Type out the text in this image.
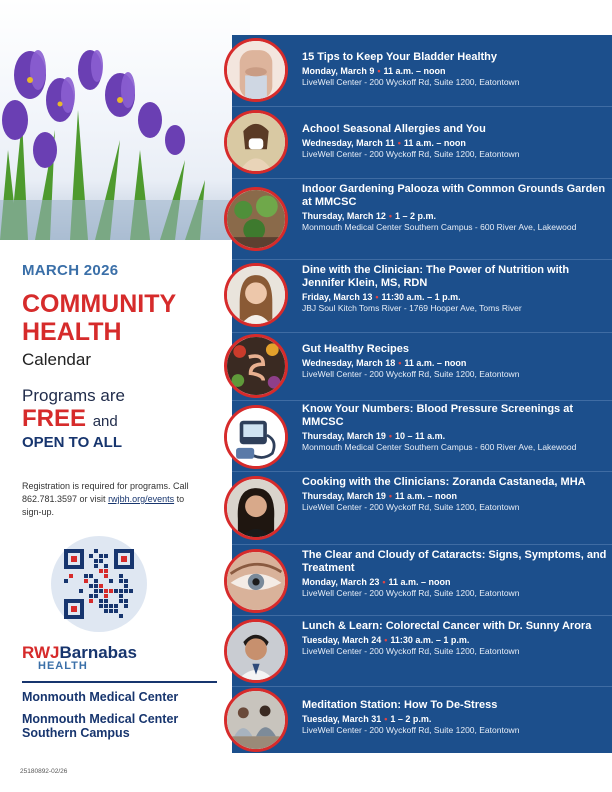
MARCH 2026
COMMUNITY
HEALTH
Calendar
Programs are
FREE and
OPEN TO ALL
Registration is required for programs. Call 862.781.3597 or visit rwjbh.org/events to sign-up.
RWJBarnabas
HEALTH
Monmouth Medical Center
Monmouth Medical Center
Southern Campus
25180892-02/26
15 Tips to Keep Your Bladder Healthy
Monday, March 9 • 11 a.m. – noon
LiveWell Center - 200 Wyckoff Rd, Suite 1200, Eatontown
Achoo! Seasonal Allergies and You
Wednesday, March 11 • 11 a.m. – noon
LiveWell Center - 200 Wyckoff Rd, Suite 1200, Eatontown
Indoor Gardening Palooza with Common Grounds Garden at MMCSC
Thursday, March 12 • 1 – 2 p.m.
Monmouth Medical Center Southern Campus - 600 River Ave, Lakewood
Dine with the Clinician: The Power of Nutrition with Jennifer Klein, MS, RDN
Friday, March 13 • 11:30 a.m. – 1 p.m.
JBJ Soul Kitch Toms River - 1769 Hooper Ave, Toms River
Gut Healthy Recipes
Wednesday, March 18 • 11 a.m. – noon
LiveWell Center - 200 Wyckoff Rd, Suite 1200, Eatontown
Know Your Numbers: Blood Pressure Screenings at MMCSC
Thursday, March 19 • 10 – 11 a.m.
Monmouth Medical Center Southern Campus - 600 River Ave, Lakewood
Cooking with the Clinicians: Zoranda Castaneda, MHA
Thursday, March 19 • 11 a.m. – noon
LiveWell Center - 200 Wyckoff Rd, Suite 1200, Eatontown
The Clear and Cloudy of Cataracts: Signs, Symptoms, and Treatment
Monday, March 23 • 11 a.m. – noon
LiveWell Center - 200 Wyckoff Rd, Suite 1200, Eatontown
Lunch & Learn: Colorectal Cancer with Dr. Sunny Arora
Tuesday, March 24 • 11:30 a.m. – 1 p.m.
LiveWell Center - 200 Wyckoff Rd, Suite 1200, Eatontown
Meditation Station: How To De-Stress
Tuesday, March 31 • 1 – 2 p.m.
LiveWell Center - 200 Wyckoff Rd, Suite 1200, Eatontown
